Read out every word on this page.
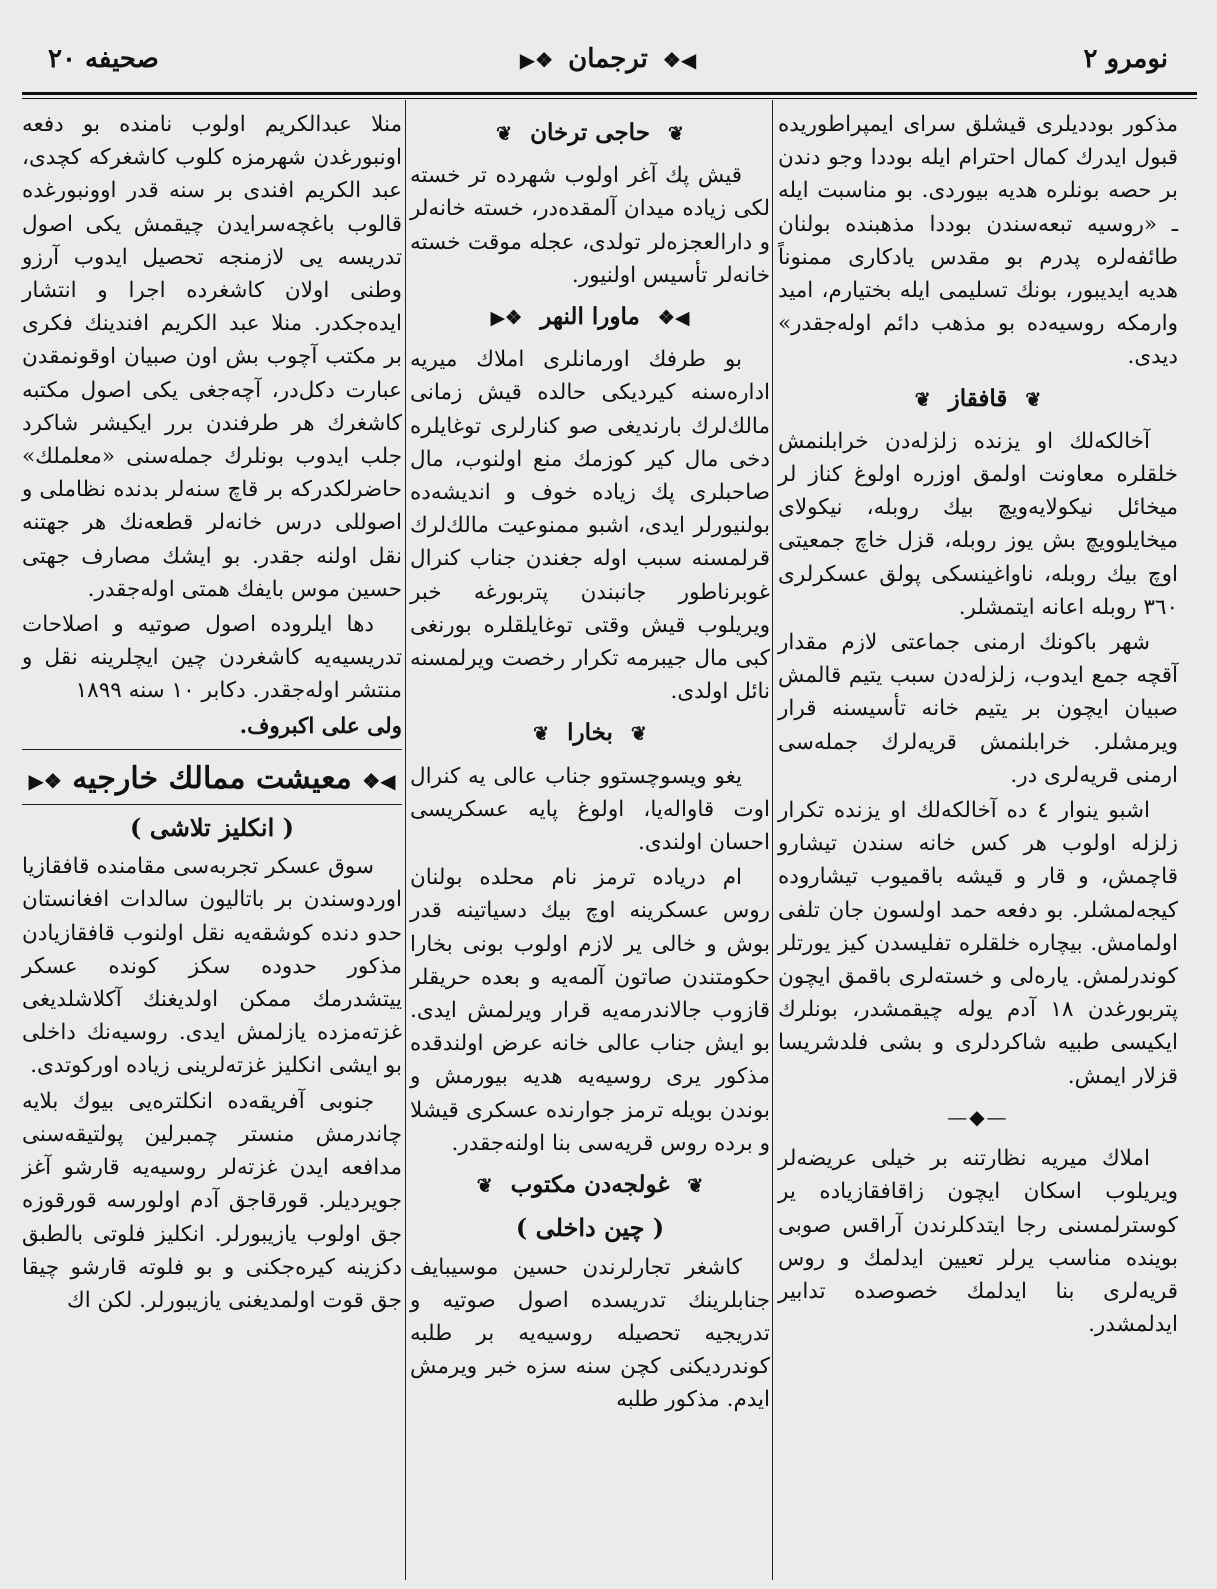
نومرو ٢
◀❖ ترجمان ❖▶
صحیفه ٢٠

مذکور بوددیلری قیشلق سرای ایمپراطوریده قبول ایدرك کمال احترام ایله بوددا وجو دندن بر حصه بونلره هدیه بیوردی. بو مناسبت ایله ـ «روسیه تبعه‌سندن بوددا مذهبنده بولنان طائفه‌لره پدرم بو مقدس یادکاری ممنوناً هدیه ایدیبور، بونك تسلیمی ایله بختیارم، امید وارمکه روسیه‌ده بو مذهب دائم اوله‌جقدر» دیدی.

❦ قافقاز ❦

آخالکه‌لك او یزنده زلزله‌دن خرابلنمش خلقلره معاونت اولمق اوزره اولوغ کناز لر میخائل نیکولایه‌ویچ بیك روبله، نیکولای میخایلوویچ بش یوز روبله، قزل خاچ جمعیتی اوچ بیك روبله، ناواغینسکی پولق عسکرلری ٣٦٠ روبله اعانه ایتمشلر.

شهر باکونك ارمنی جماعتی لازم مقدار آقچه جمع ایدوب، زلزله‌دن سبب یتیم قالمش صبیان ایچون بر یتیم خانه تأسیسنه قرار ویرمشلر. خرابلنمش قریه‌لرك جمله‌سی ارمنی قریه‌لری در.

اشبو ینوار ٤ ده آخالکه‌لك او یزنده تکرار زلزله اولوب هر کس خانه سندن تیشارو قاچمش، و قار و قیشه باقمیوب تیشاروده کیجه‌لمشلر. بو دفعه حمد اولسون جان تلفی اولمامش. بیچاره خلقلره تفلیسدن کیز یورتلر کوندرلمش. یاره‌لی و خسته‌لری باقمق ایچون پتربورغدن ١٨ آدم یوله چیقمشدر، بونلرك ایکیسی طبیه شاکردلری و بشی فلدشریسا قزلار ایمش.

—◆—

املاك میریه نظارتنه بر خیلی عریضه‌لر ویریلوب اسکان ایچون زاقافقازیاده یر کوسترلمسنی رجا ایتدکلرندن آراقس صوبی بوینده مناسب یرلر تعیین ایدلمك و روس قریه‌لری بنا ایدلمك خصوصده تدابیر ایدلمشدر.

❦ حاجی ترخان ❦

قیش پك آغر اولوب شهرده تر خسته لکی زیاده میدان آلمقده‌در، خسته خانه‌لر و دارالعجزه‌لر تولدی، عجله موقت خسته خانه‌لر تأسیس اولنیور.

◀❖ ماورا النهر ❖▶

بو طرفك اورمانلری املاك میریه ادارەسنه کیردیکی حالده قیش زمانی مالك‌لرك بارندیغی صو کنارلری توغایلره دخی مال کیر کوزمك منع اولنوب، مال صاحبلری پك زیاده خوف و اندیشه‌ده بولنیورلر ایدی، اشبو ممنوعیت مالك‌لرك قرلمسنه سبب اوله جغندن جناب کنرال غوبرناطور جانبندن پتربورغه خبر ویریلوب قیش وقتی توغایلقلره بورنغی کبی مال جیبرمه تکرار رخصت ویرلمسنه نائل اولدی.

❦ بخارا ❦

یغو ویسوچستوو جناب عالی یه کنرال اوت قاواله‌یا، اولوغ پایه عسکریسی احسان اولندی.

ام دریاده ترمز نام محلده بولنان روس عسکرینه اوچ بیك دسیاتینه قدر بوش و خالی یر لازم اولوب بونی بخارا حکومتندن صاتون آلمه‌یه و بعده حریقلر قازوب جالاندرمه‌یه قرار ویرلمش ایدی. بو ایش جناب عالی خانه عرض اولندقده مذکور یری روسیه‌یه هدیه بیورمش و بوندن بویله ترمز جوارنده عسکری قیشلا و برده روس قریه‌سی بنا اولنه‌جقدر.

❦ غولجه‌دن مکتوب ❦
( چین داخلی )

کاشغر تجارلرندن حسین موسیبایف جنابلرینك تدریسده اصول صوتیه و تدریجیه تحصیله روسیه‌یه بر طلبه کوندردیکنی کچن سنه سزه خبر ویرمش ایدم. مذکور طلبه

منلا عبدالکریم اولوب نامنده بو دفعه اونبورغدن شهرمزه کلوب کاشغرکه کچدی، عبد الکریم افندی بر سنه قدر اوونبورغده قالوب باغچه‌سرایدن چیقمش یکی اصول تدریسه یی لازمنجه تحصیل ایدوب آرزو وطنی اولان کاشغرده اجرا و انتشار ایده‌جکدر. منلا عبد الکریم افندینك فکری بر مکتب آچوب بش اون صبیان اوقونمقدن عبارت دکل‌در، آچه‌جغی یکی اصول مکتبه کاشغرك هر طرفندن برر ایکیشر شاکرد جلب ایدوب بونلرك جمله‌سنی «معلملك» حاضرلکدرکه بر قاچ سنه‌لر بدنده نظاملی و اصوللی درس خانه‌لر قطعه‌نك هر جهتنه نقل اولنه جقدر. بو ایشك مصارف جهتی حسین موس بایفك همتی اوله‌جقدر.

دها ایلروده اصول صوتیه و اصلاحات تدریسیه‌یه کاشغردن چین ایچلرینه نقل و منتشر اوله‌جقدر. دکابر ١٠ سنه ١٨٩٩

ولی علی اکبروف.

◀❖ معیشت ممالك خارجیه ❖▶
( انکلیز تلاشی )

سوق عسکر تجربه‌سی مقامنده قافقازیا اوردوسندن بر باتالیون سالدات افغانستان حدو دنده کوشقه‌یه نقل اولنوب قافقازیادن مذکور حدوده سکز کونده عسکر ییتشدرمك ممکن اولدیغنك آکلاشلدیغی غزته‌مزده یازلمش ایدی. روسیه‌نك داخلی بو ایشی انکلیز غزته‌لرینی زیاده اورکوتدی.

جنوبی آفریقه‌ده انکلتره‌یی بیوك بلایه چاندرمش منستر چمبرلین پولتیقه‌سنی مدافعه ایدن غزته‌لر روسیه‌یه قارشو آغز جویردیلر. قورقاجق آدم اولورسه قورقوزه جق اولوب یازیبورلر. انکلیز فلوتی بالطبق دکزینه کیره‌جکنی و بو فلوته قارشو چیقا جق قوت اولمدیغنی یازیبورلر. لکن اك
